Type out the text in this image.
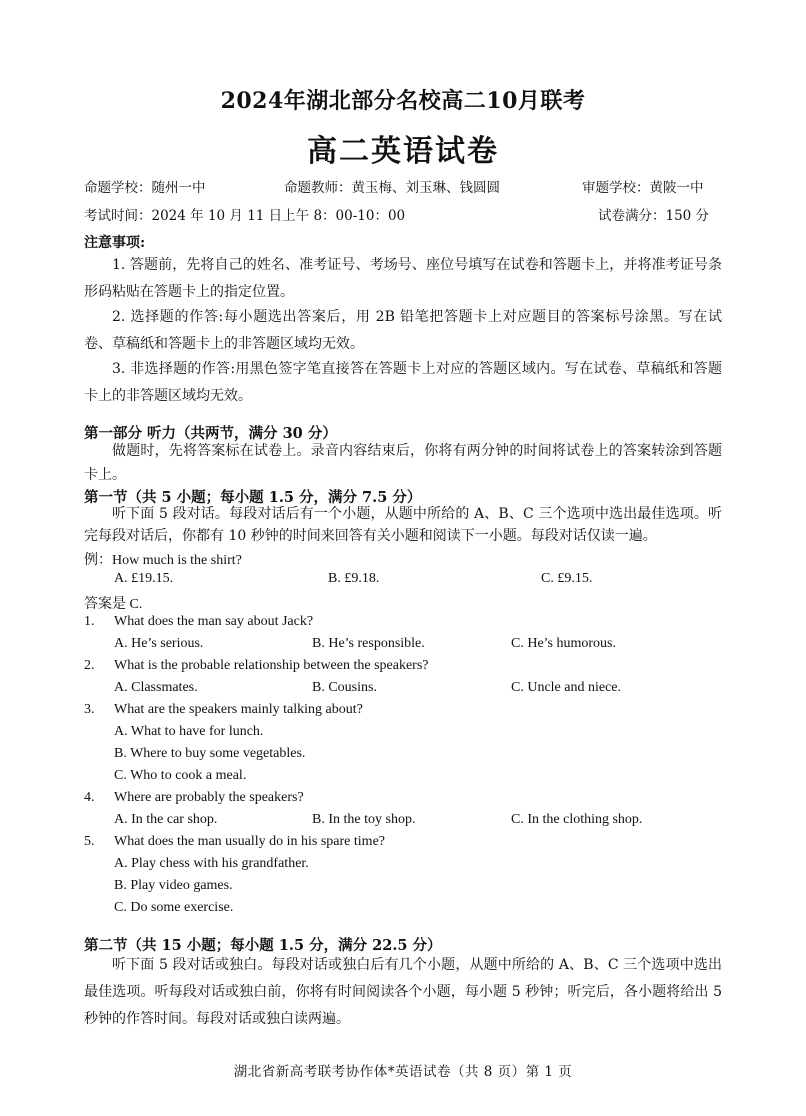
2024年湖北部分名校高二10月联考
高二英语试卷
命题学校：随州一中	命题教师：黄玉梅、刘玉琳、钱圆圆	审题学校：黄陂一中
考试时间：2024 年 10 月 11 日上午 8：00-10：00	试卷满分：150 分
注意事项:
1. 答题前，先将自己的姓名、准考证号、考场号、座位号填写在试卷和答题卡上，并将准考证号条形码粘贴在答题卡上的指定位置。
2. 选择题的作答:每小题选出答案后，用 2B 铅笔把答题卡上对应题目的答案标号涂黑。写在试卷、草稿纸和答题卡上的非答题区域均无效。
3. 非选择题的作答:用黑色签字笔直接答在答题卡上对应的答题区域内。写在试卷、草稿纸和答题卡上的非答题区域均无效。
第一部分 听力（共两节，满分 30 分）
做题时，先将答案标在试卷上。录音内容结束后，你将有两分钟的时间将试卷上的答案转涂到答题卡上。
第一节（共 5 小题；每小题 1.5 分，满分 7.5 分）
听下面 5 段对话。每段对话后有一个小题，从题中所给的 A、B、C 三个选项中选出最佳选项。听完每段对话后，你都有 10 秒钟的时间来回答有关小题和阅读下一小题。每段对话仅读一遍。
例：How much is the shirt?
A. £19.15.	B. £9.18.	C. £9.15.
答案是 C.
1. What does the man say about Jack?
A. He’s serious.	B. He’s responsible.	C. He’s humorous.
2. What is the probable relationship between the speakers?
A. Classmates.	B. Cousins.	C. Uncle and niece.
3. What are the speakers mainly talking about?
A. What to have for lunch.
B. Where to buy some vegetables.
C. Who to cook a meal.
4. Where are probably the speakers?
A. In the car shop.	B. In the toy shop.	C. In the clothing shop.
5. What does the man usually do in his spare time?
A. Play chess with his grandfather.
B. Play video games.
C. Do some exercise.
第二节（共 15 小题；每小题 1.5 分，满分 22.5 分）
听下面 5 段对话或独白。每段对话或独白后有几个小题，从题中所给的 A、B、C 三个选项中选出最佳选项。听每段对话或独白前，你将有时间阅读各个小题，每小题 5 秒钟；听完后，各小题将给出 5 秒钟的作答时间。每段对话或独白读两遍。
湖北省新高考联考协作体*英语试卷（共 8 页）第 1 页
